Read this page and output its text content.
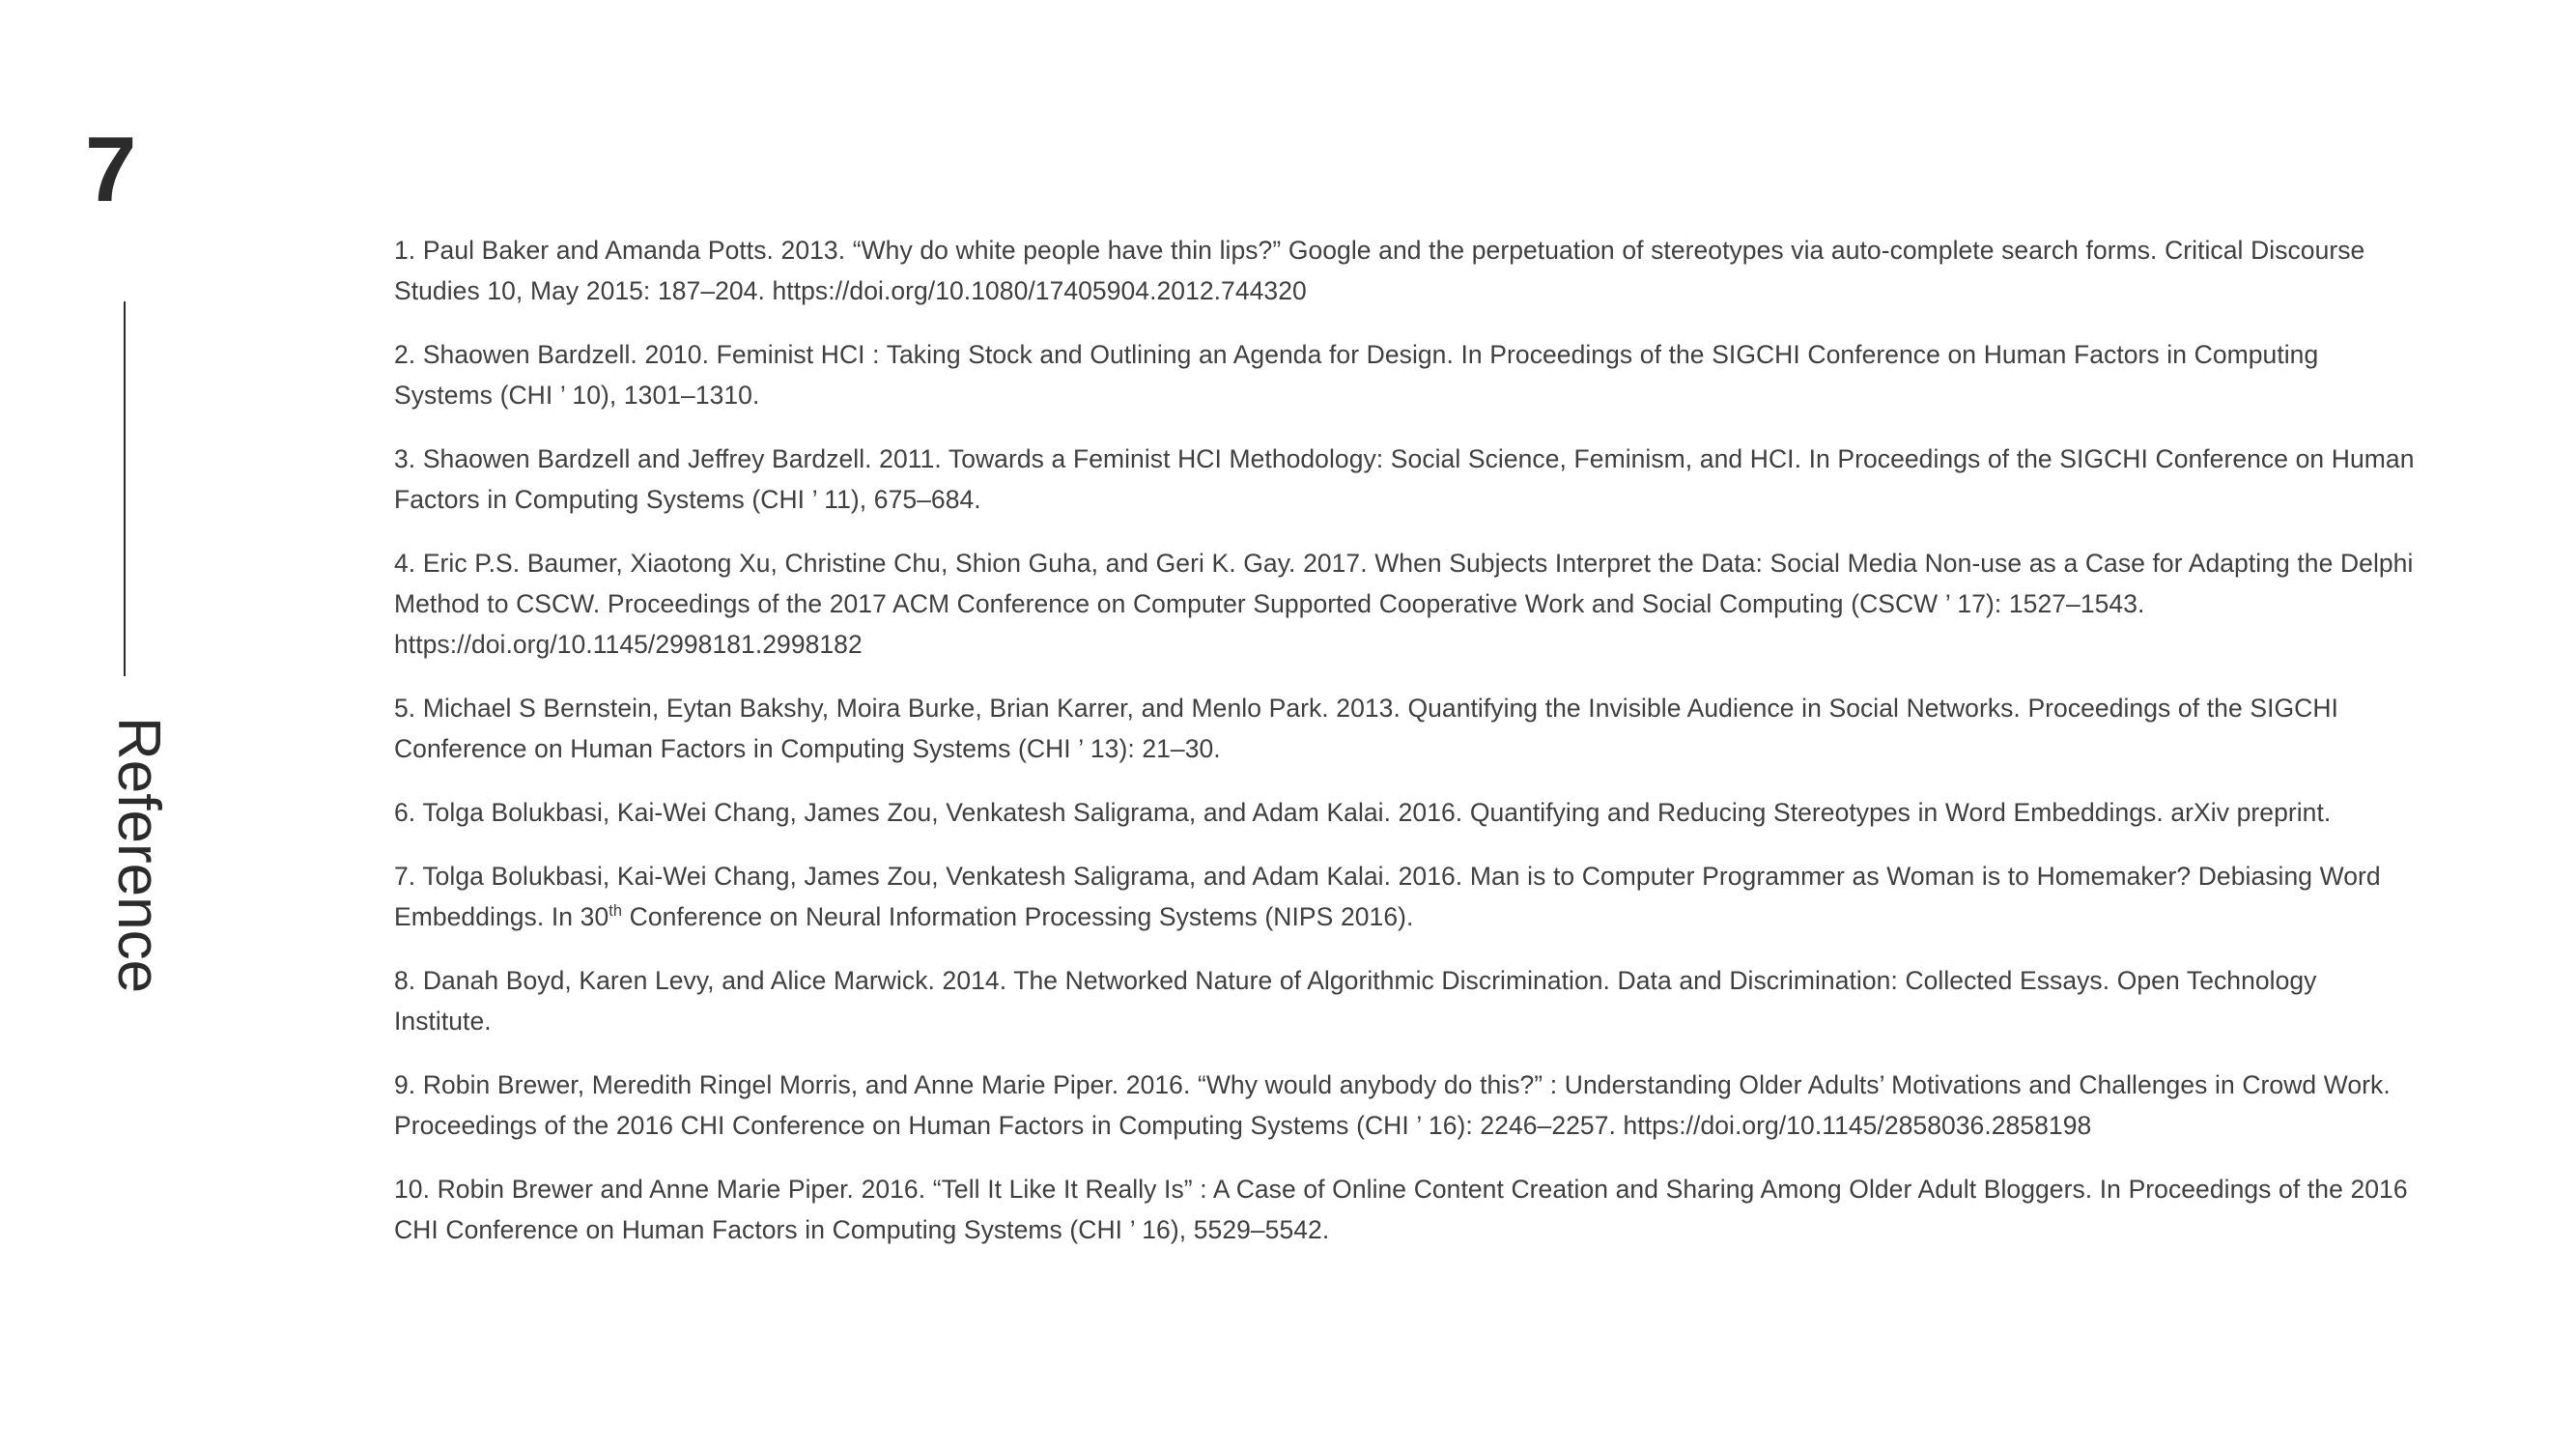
7
Reference

1. Paul Baker and Amanda Potts. 2013. “Why do white people have thin lips?” Google and the perpetuation of stereotypes via auto-complete search forms. Critical Discourse Studies 10, May 2015: 187–204. https://doi.org/10.1080/17405904.2012.744320

2. Shaowen Bardzell. 2010. Feminist HCI : Taking Stock and Outlining an Agenda for Design. In Proceedings of the SIGCHI Conference on Human Factors in Computing Systems (CHI ’ 10), 1301–1310.

3. Shaowen Bardzell and Jeffrey Bardzell. 2011. Towards a Feminist HCI Methodology: Social Science, Feminism, and HCI. In Proceedings of the SIGCHI Conference on Human Factors in Computing Systems (CHI ’ 11), 675–684.

4. Eric P.S. Baumer, Xiaotong Xu, Christine Chu, Shion Guha, and Geri K. Gay. 2017. When Subjects Interpret the Data: Social Media Non-use as a Case for Adapting the Delphi Method to CSCW. Proceedings of the 2017 ACM Conference on Computer Supported Cooperative Work and Social Computing (CSCW ’ 17): 1527–1543. https://doi.org/10.1145/2998181.2998182

5. Michael S Bernstein, Eytan Bakshy, Moira Burke, Brian Karrer, and Menlo Park. 2013. Quantifying the Invisible Audience in Social Networks. Proceedings of the SIGCHI Conference on Human Factors in Computing Systems (CHI ’ 13): 21–30.

6. Tolga Bolukbasi, Kai-Wei Chang, James Zou, Venkatesh Saligrama, and Adam Kalai. 2016. Quantifying and Reducing Stereotypes in Word Embeddings. arXiv preprint.

7. Tolga Bolukbasi, Kai-Wei Chang, James Zou, Venkatesh Saligrama, and Adam Kalai. 2016. Man is to Computer Programmer as Woman is to Homemaker? Debiasing Word Embeddings. In 30th Conference on Neural Information Processing Systems (NIPS 2016).

8. Danah Boyd, Karen Levy, and Alice Marwick. 2014. The Networked Nature of Algorithmic Discrimination. Data and Discrimination: Collected Essays. Open Technology Institute.

9. Robin Brewer, Meredith Ringel Morris, and Anne Marie Piper. 2016. “Why would anybody do this?” : Understanding Older Adults’ Motivations and Challenges in Crowd Work. Proceedings of the 2016 CHI Conference on Human Factors in Computing Systems (CHI ’ 16): 2246–2257. https://doi.org/10.1145/2858036.2858198

10. Robin Brewer and Anne Marie Piper. 2016. “Tell It Like It Really Is” : A Case of Online Content Creation and Sharing Among Older Adult Bloggers. In Proceedings of the 2016 CHI Conference on Human Factors in Computing Systems (CHI ’ 16), 5529–5542.
